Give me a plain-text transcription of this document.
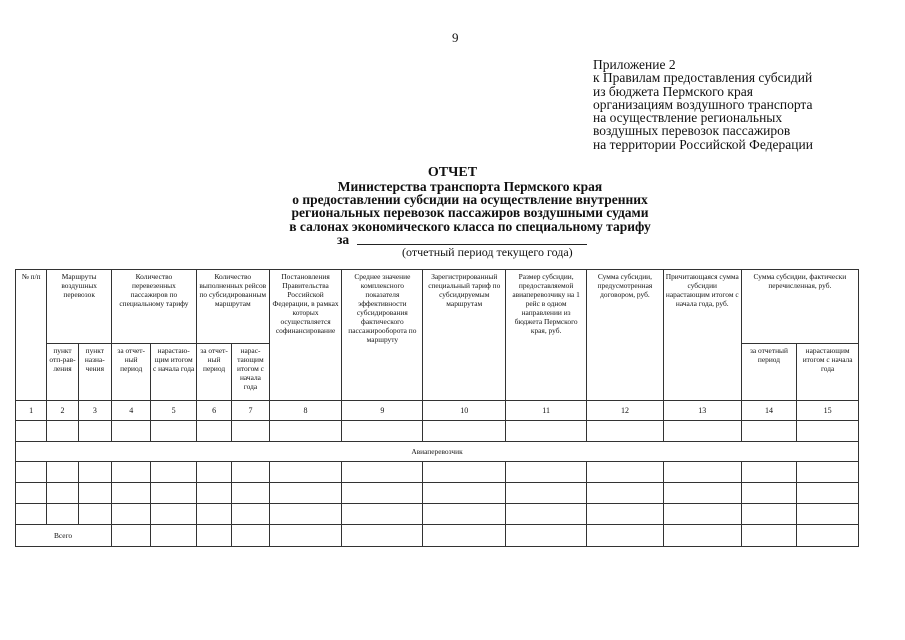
9
Приложение 2
к Правилам предоставления субсидий
из бюджета Пермского края
организациям воздушного транспорта
на осуществление региональных
воздушных перевозок пассажиров
на территории Российской Федерации
ОТЧЕТ
Министерства транспорта Пермского края
о предоставлении субсидии на осуществление внутренних
региональных перевозок пассажиров воздушными судами
в салонах экономического класса по специальному тарифу
за
(отчетный период текущего года)
№ п/п	Маршруты воздушных перевозок		Количество перевезенных пассажиров по специальному тарифу		Количество выполненных рейсов по субсидированным маршрутам		Постановления Правительства Российской Федерации, в рамках которых осуществляется софинансирование	Среднее значение комплексного показателя эффективности субсидирования фактического пассажирооборота по маршруту	Зарегистрированный специальный тариф по субсидируемым маршрутам	Размер субсидии, предоставляемой авиаперевозчику на 1 рейс в одном направлении из бюджета Пермского края, руб.	Сумма субсидии, предусмотренная договором, руб.	Причитающаяся сумма субсидии нарастающим итогом с начала года, руб.	Сумма субсидии, фактически перечисленная, руб.	
	пункт отп-рав-ления	пункт назна-чения	за отчет-ный период	нарастаю-щим итогом с начала года	за отчет-ный период	нарас-тающим итогом с начала года							за отчетный период	нарастающим итогом с начала года
1	2	3	4	5	6	7	8	9	10	11	12	13	14	15

Авиаперевозчик														

Всего														
